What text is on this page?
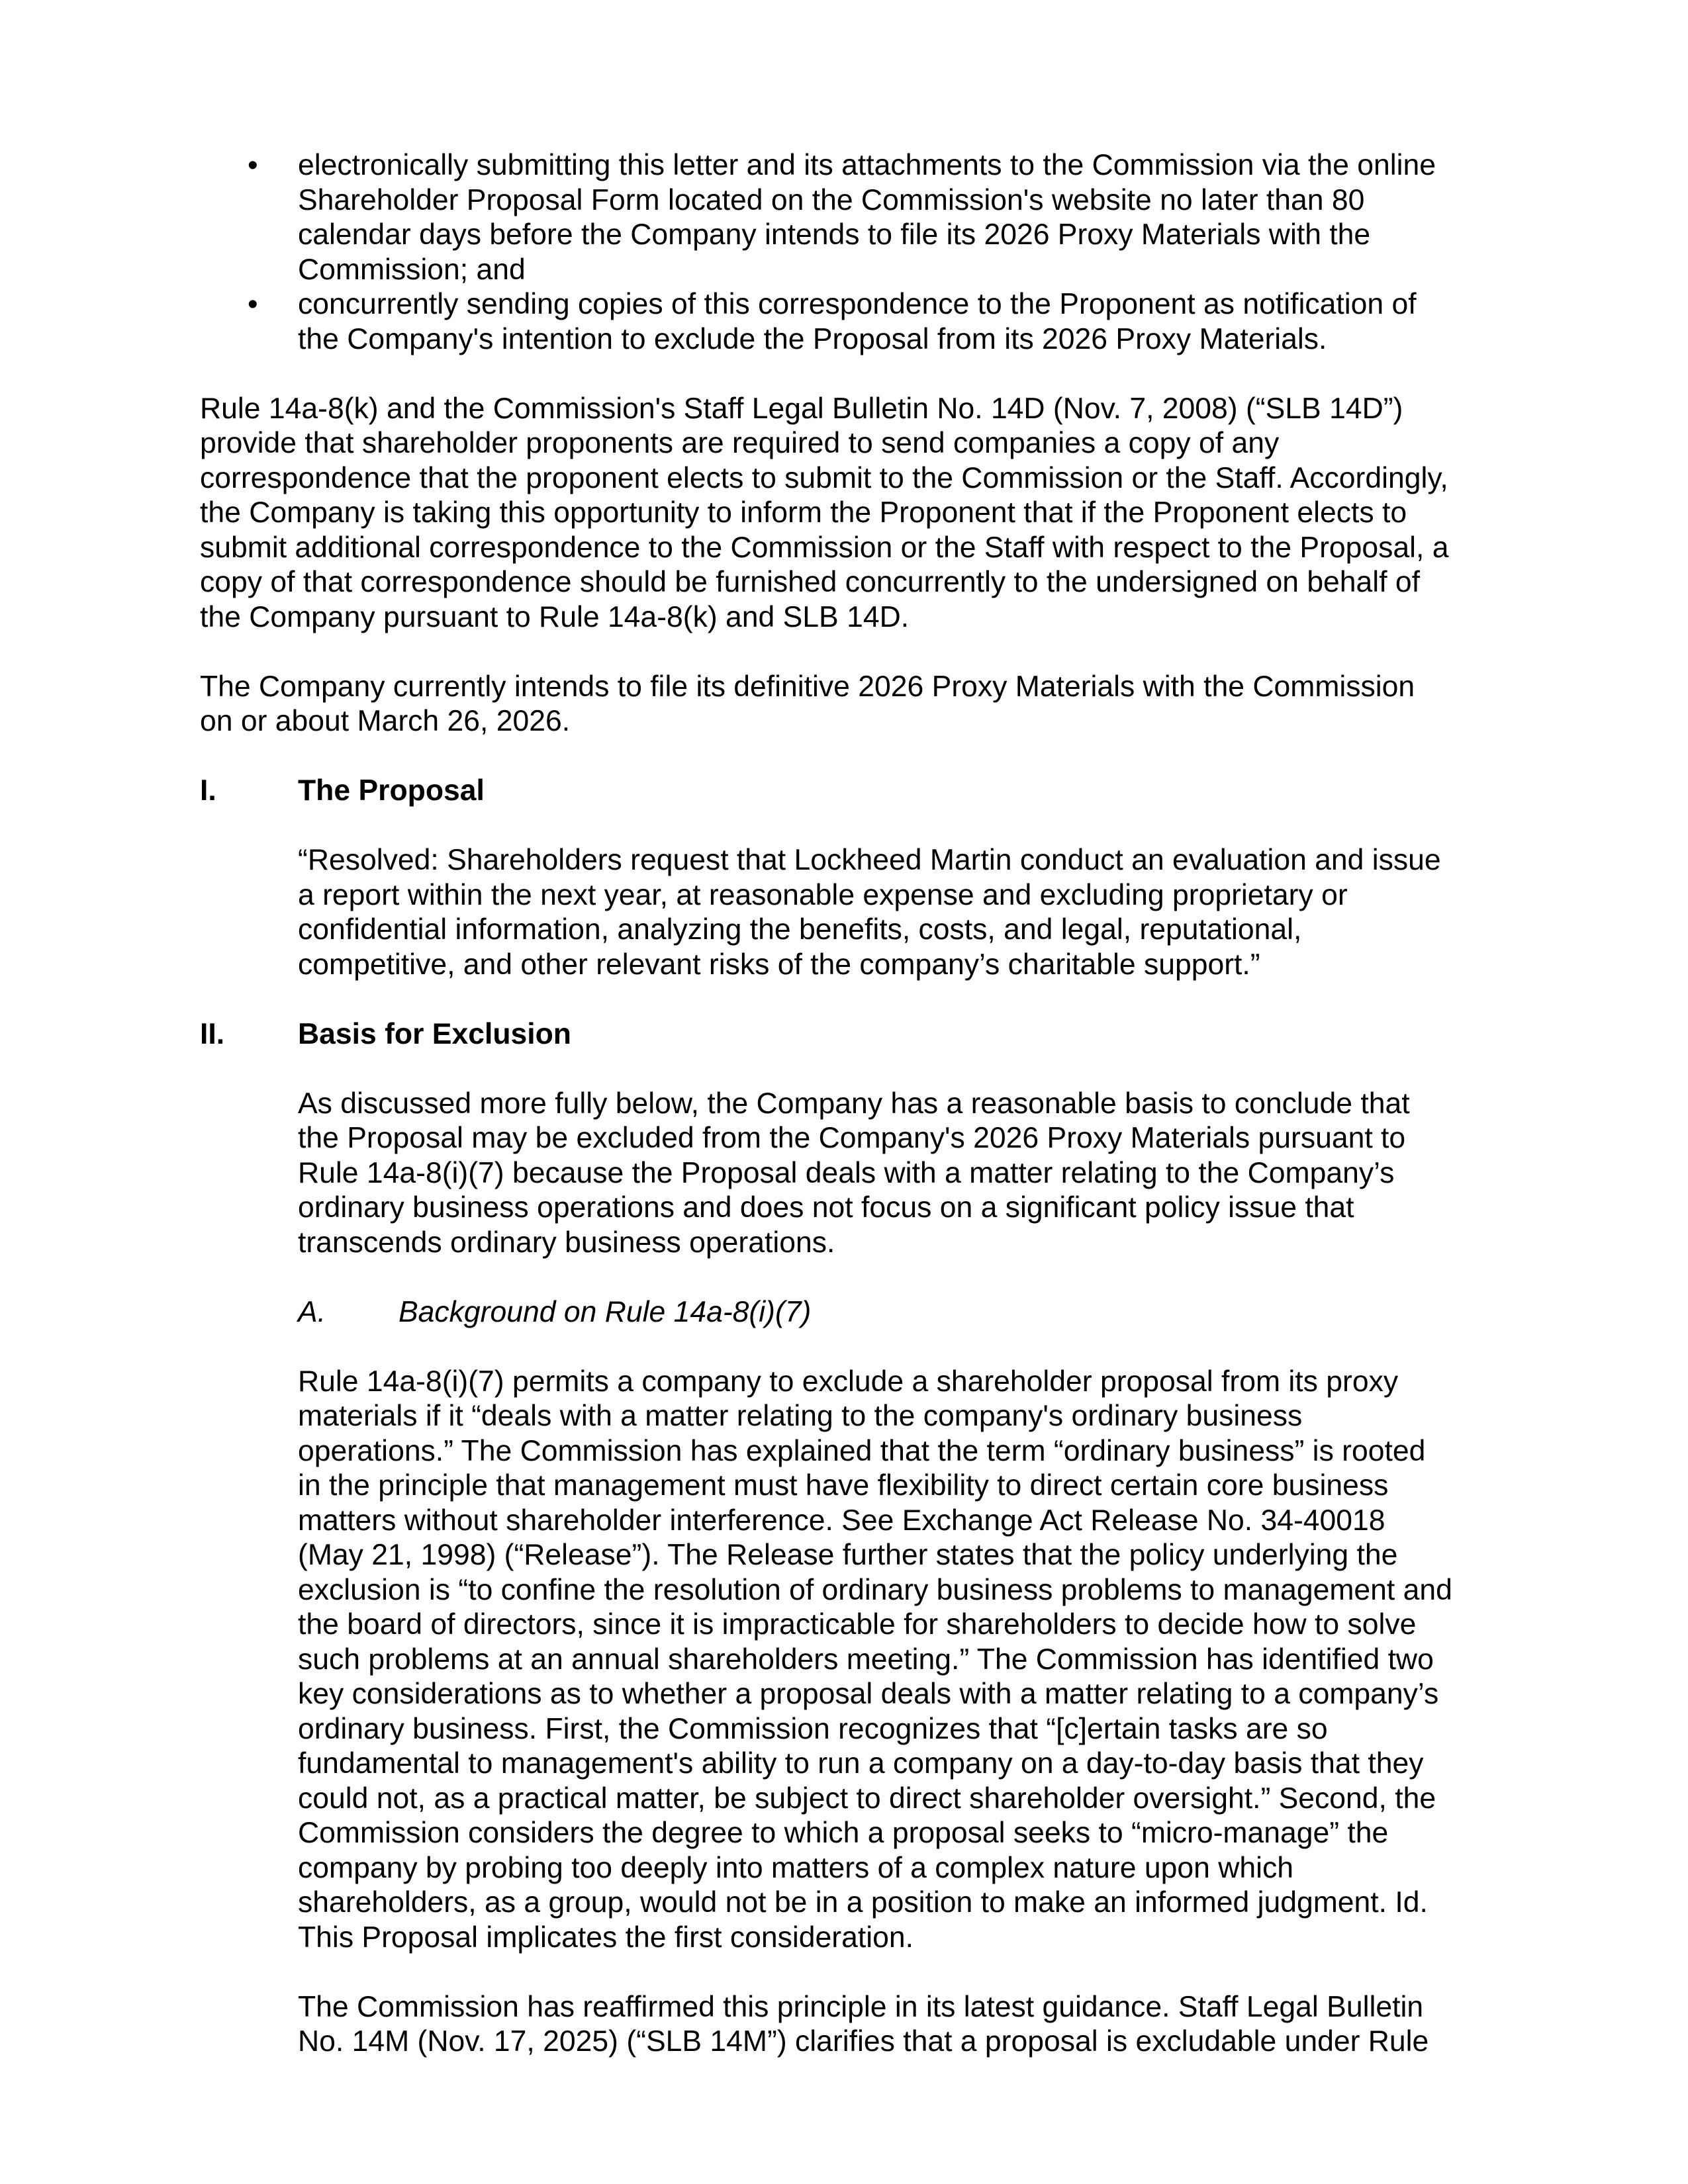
• electronically submitting this letter and its attachments to the Commission via the online
Shareholder Proposal Form located on the Commission's website no later than 80
calendar days before the Company intends to file its 2026 Proxy Materials with the
Commission; and
• concurrently sending copies of this correspondence to the Proponent as notification of
the Company's intention to exclude the Proposal from its 2026 Proxy Materials.
Rule 14a-8(k) and the Commission's Staff Legal Bulletin No. 14D (Nov. 7, 2008) (“SLB 14D”)
provide that shareholder proponents are required to send companies a copy of any
correspondence that the proponent elects to submit to the Commission or the Staff. Accordingly,
the Company is taking this opportunity to inform the Proponent that if the Proponent elects to
submit additional correspondence to the Commission or the Staff with respect to the Proposal, a
copy of that correspondence should be furnished concurrently to the undersigned on behalf of
the Company pursuant to Rule 14a-8(k) and SLB 14D.
The Company currently intends to file its definitive 2026 Proxy Materials with the Commission
on or about March 26, 2026.
I.	The Proposal
“Resolved: Shareholders request that Lockheed Martin conduct an evaluation and issue
a report within the next year, at reasonable expense and excluding proprietary or
confidential information, analyzing the benefits, costs, and legal, reputational,
competitive, and other relevant risks of the company’s charitable support.”
II.	Basis for Exclusion
As discussed more fully below, the Company has a reasonable basis to conclude that
the Proposal may be excluded from the Company's 2026 Proxy Materials pursuant to
Rule 14a-8(i)(7) because the Proposal deals with a matter relating to the Company’s
ordinary business operations and does not focus on a significant policy issue that
transcends ordinary business operations.
A.	Background on Rule 14a-8(i)(7)
Rule 14a-8(i)(7) permits a company to exclude a shareholder proposal from its proxy
materials if it “deals with a matter relating to the company's ordinary business
operations.” The Commission has explained that the term “ordinary business” is rooted
in the principle that management must have flexibility to direct certain core business
matters without shareholder interference. See Exchange Act Release No. 34-40018
(May 21, 1998) (“Release”). The Release further states that the policy underlying the
exclusion is “to confine the resolution of ordinary business problems to management and
the board of directors, since it is impracticable for shareholders to decide how to solve
such problems at an annual shareholders meeting.” The Commission has identified two
key considerations as to whether a proposal deals with a matter relating to a company’s
ordinary business. First, the Commission recognizes that “[c]ertain tasks are so
fundamental to management's ability to run a company on a day-to-day basis that they
could not, as a practical matter, be subject to direct shareholder oversight.” Second, the
Commission considers the degree to which a proposal seeks to “micro-manage” the
company by probing too deeply into matters of a complex nature upon which
shareholders, as a group, would not be in a position to make an informed judgment. Id.
This Proposal implicates the first consideration.
The Commission has reaffirmed this principle in its latest guidance. Staff Legal Bulletin
No. 14M (Nov. 17, 2025) (“SLB 14M”) clarifies that a proposal is excludable under Rule
